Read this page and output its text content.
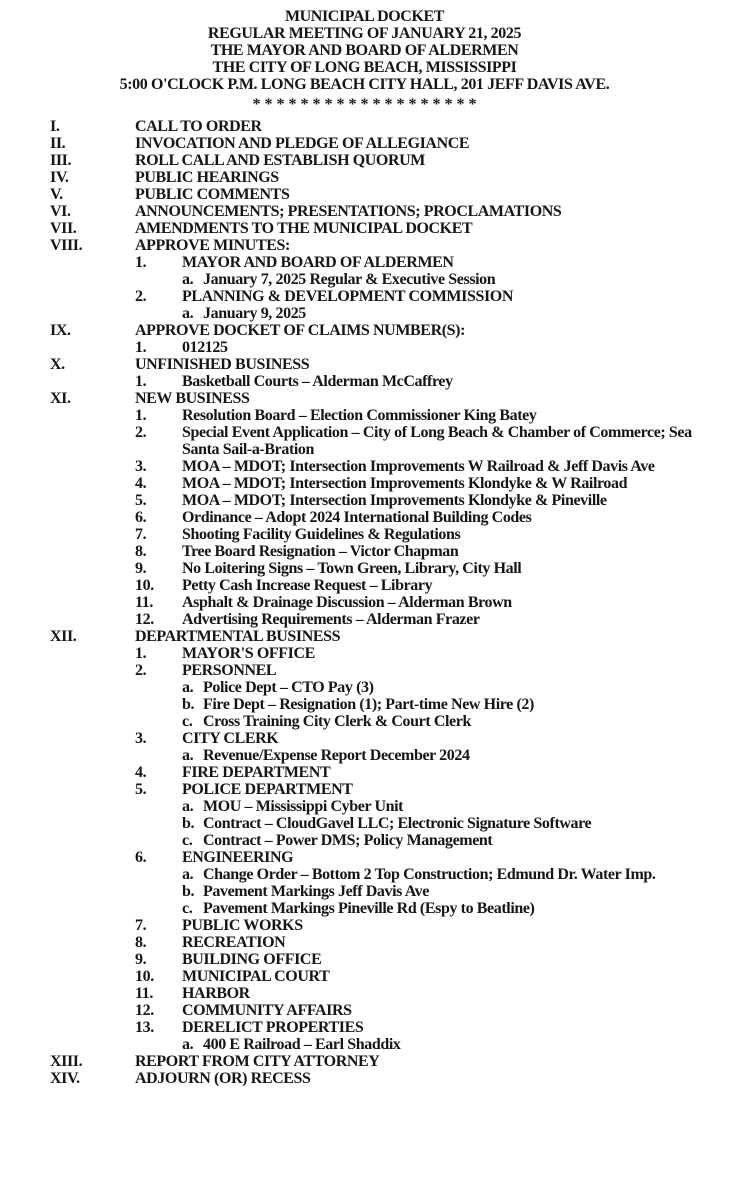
MUNICIPAL DOCKET
REGULAR MEETING OF JANUARY 21, 2025
THE MAYOR AND BOARD OF ALDERMEN
THE CITY OF LONG BEACH, MISSISSIPPI
5:00 O'CLOCK P.M. LONG BEACH CITY HALL, 201 JEFF DAVIS AVE.
* * * * * * * * * * * * * * * * * * *
I.	CALL TO ORDER
II.	INVOCATION AND PLEDGE OF ALLEGIANCE
III.	ROLL CALL AND ESTABLISH QUORUM
IV.	PUBLIC HEARINGS
V.	PUBLIC COMMENTS
VI.	ANNOUNCEMENTS; PRESENTATIONS; PROCLAMATIONS
VII.	AMENDMENTS TO THE MUNICIPAL DOCKET
VIII.	APPROVE MINUTES:
1. MAYOR AND BOARD OF ALDERMEN
a. January 7, 2025 Regular & Executive Session
2. PLANNING & DEVELOPMENT COMMISSION
a. January 9, 2025
IX.	APPROVE DOCKET OF CLAIMS NUMBER(S):
1. 012125
X.	UNFINISHED BUSINESS
1. Basketball Courts – Alderman McCaffrey
XI.	NEW BUSINESS
1. Resolution Board – Election Commissioner King Batey
2. Special Event Application – City of Long Beach & Chamber of Commerce; Sea
Santa Sail-a-Bration
3. MOA – MDOT; Intersection Improvements W Railroad & Jeff Davis Ave
4. MOA – MDOT; Intersection Improvements Klondyke & W Railroad
5. MOA – MDOT; Intersection Improvements Klondyke & Pineville
6. Ordinance – Adopt 2024 International Building Codes
7. Shooting Facility Guidelines & Regulations
8. Tree Board Resignation – Victor Chapman
9. No Loitering Signs – Town Green, Library, City Hall
10. Petty Cash Increase Request – Library
11. Asphalt & Drainage Discussion – Alderman Brown
12. Advertising Requirements – Alderman Frazer
XII.	DEPARTMENTAL BUSINESS
1. MAYOR'S OFFICE
2. PERSONNEL
a. Police Dept – CTO Pay (3)
b. Fire Dept – Resignation (1); Part-time New Hire (2)
c. Cross Training City Clerk & Court Clerk
3. CITY CLERK
a. Revenue/Expense Report December 2024
4. FIRE DEPARTMENT
5. POLICE DEPARTMENT
a. MOU – Mississippi Cyber Unit
b. Contract – CloudGavel LLC; Electronic Signature Software
c. Contract – Power DMS; Policy Management
6. ENGINEERING
a. Change Order – Bottom 2 Top Construction; Edmund Dr. Water Imp.
b. Pavement Markings Jeff Davis Ave
c. Pavement Markings Pineville Rd (Espy to Beatline)
7. PUBLIC WORKS
8. RECREATION
9. BUILDING OFFICE
10. MUNICIPAL COURT
11. HARBOR
12. COMMUNITY AFFAIRS
13. DERELICT PROPERTIES
a. 400 E Railroad – Earl Shaddix
XIII.	REPORT FROM CITY ATTORNEY
XIV.	ADJOURN (OR) RECESS
